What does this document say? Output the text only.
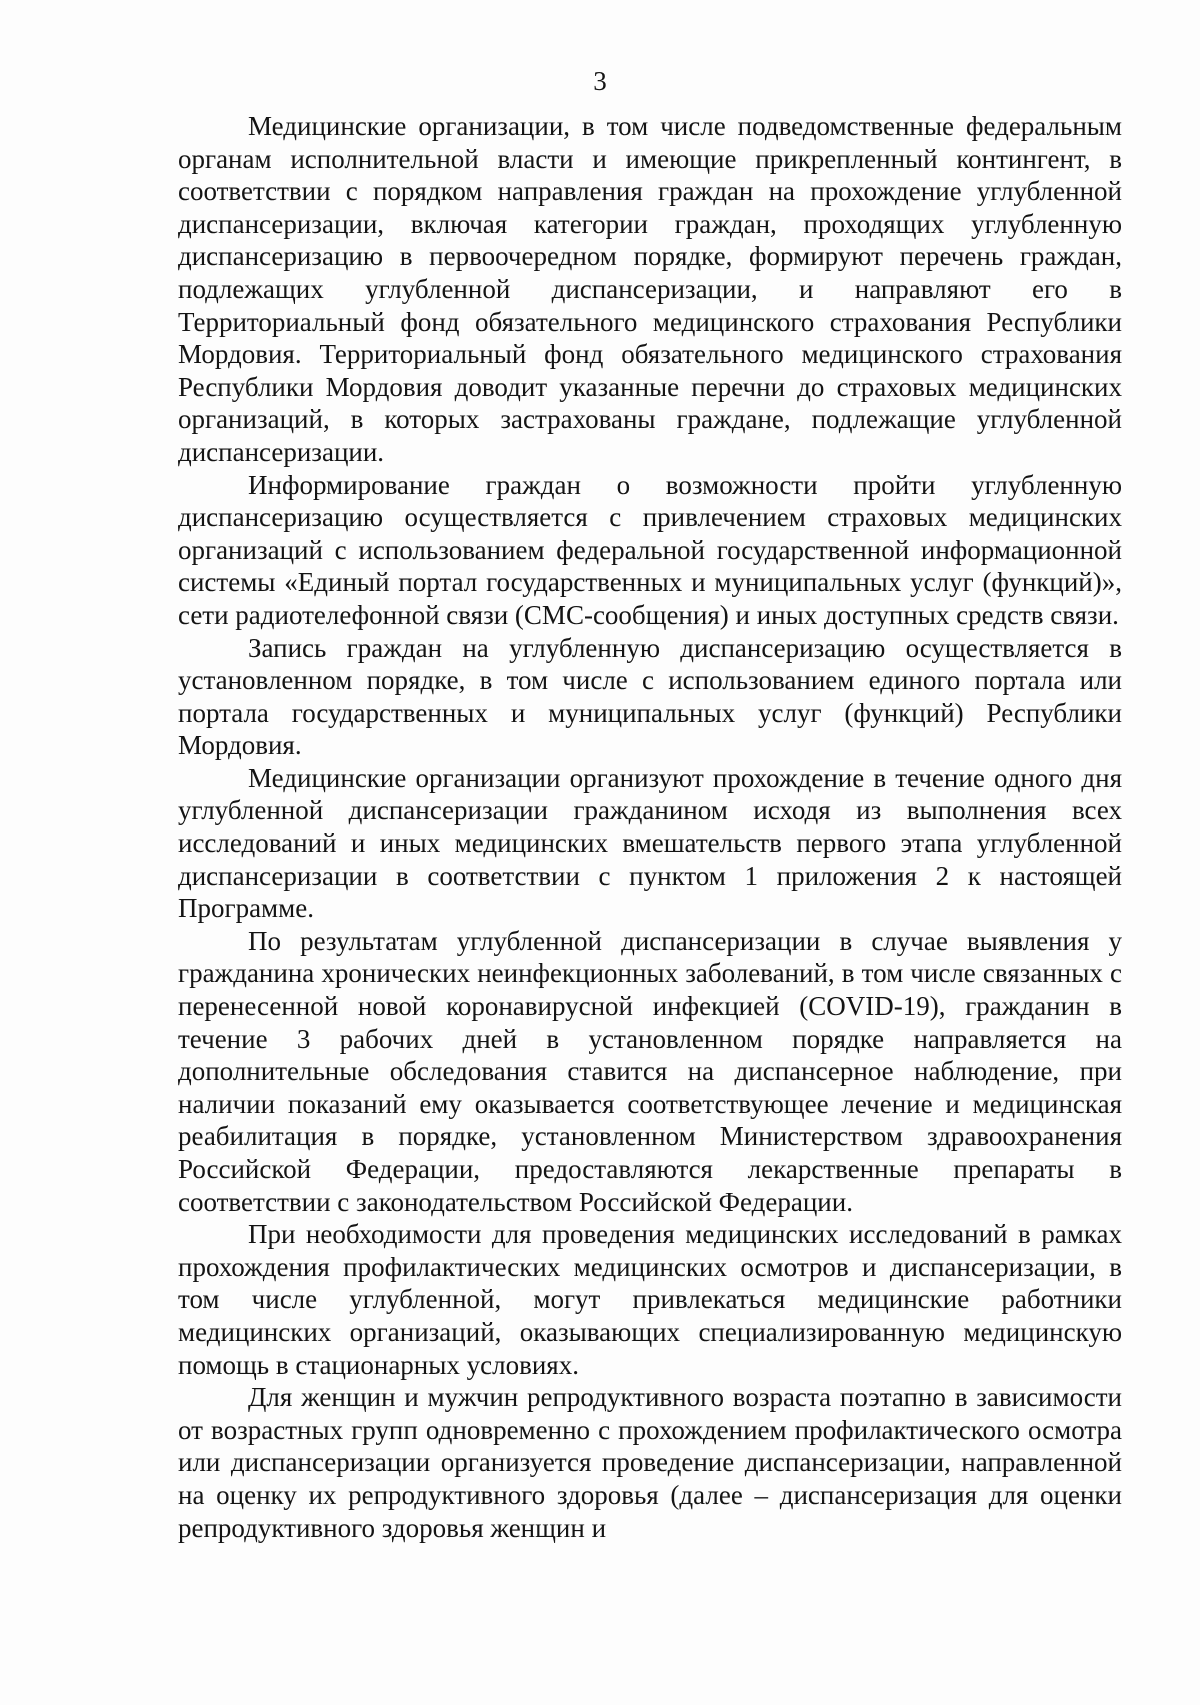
3

Медицинские организации, в том числе подведомственные федеральным органам исполнительной власти и имеющие прикрепленный контингент, в соответствии с порядком направления граждан на прохождение углубленной диспансеризации, включая категории граждан, проходящих углубленную диспансеризацию в первоочередном порядке, формируют перечень граждан, подлежащих углубленной диспансеризации, и направляют его в Территориальный фонд обязательного медицинского страхования Республики Мордовия. Территориальный фонд обязательного медицинского страхования Республики Мордовия доводит указанные перечни до страховых медицинских организаций, в которых застрахованы граждане, подлежащие углубленной диспансеризации.

Информирование граждан о возможности пройти углубленную диспансеризацию осуществляется с привлечением страховых медицинских организаций с использованием федеральной государственной информационной системы «Единый портал государственных и муниципальных услуг (функций)», сети радиотелефонной связи (СМС-сообщения) и иных доступных средств связи.

Запись граждан на углубленную диспансеризацию осуществляется в установленном порядке, в том числе с использованием единого портала или портала государственных и муниципальных услуг (функций) Республики Мордовия.

Медицинские организации организуют прохождение в течение одного дня углубленной диспансеризации гражданином исходя из выполнения всех исследований и иных медицинских вмешательств первого этапа углубленной диспансеризации в соответствии с пунктом 1 приложения 2 к настоящей Программе.

По результатам углубленной диспансеризации в случае выявления у гражданина хронических неинфекционных заболеваний, в том числе связанных с перенесенной новой коронавирусной инфекцией (COVID-19), гражданин в течение 3 рабочих дней в установленном порядке направляется на дополнительные обследования ставится на диспансерное наблюдение, при наличии показаний ему оказывается соответствующее лечение и медицинская реабилитация в порядке, установленном Министерством здравоохранения Российской Федерации, предоставляются лекарственные препараты в соответствии с законодательством Российской Федерации.

При необходимости для проведения медицинских исследований в рамках прохождения профилактических медицинских осмотров и диспансеризации, в том числе углубленной, могут привлекаться медицинские работники медицинских организаций, оказывающих специализированную медицинскую помощь в стационарных условиях.

Для женщин и мужчин репродуктивного возраста поэтапно в зависимости от возрастных групп одновременно с прохождением профилактического осмотра или диспансеризации организуется проведение диспансеризации, направленной на оценку их репродуктивного здоровья (далее – диспансеризация для оценки репродуктивного здоровья женщин и
